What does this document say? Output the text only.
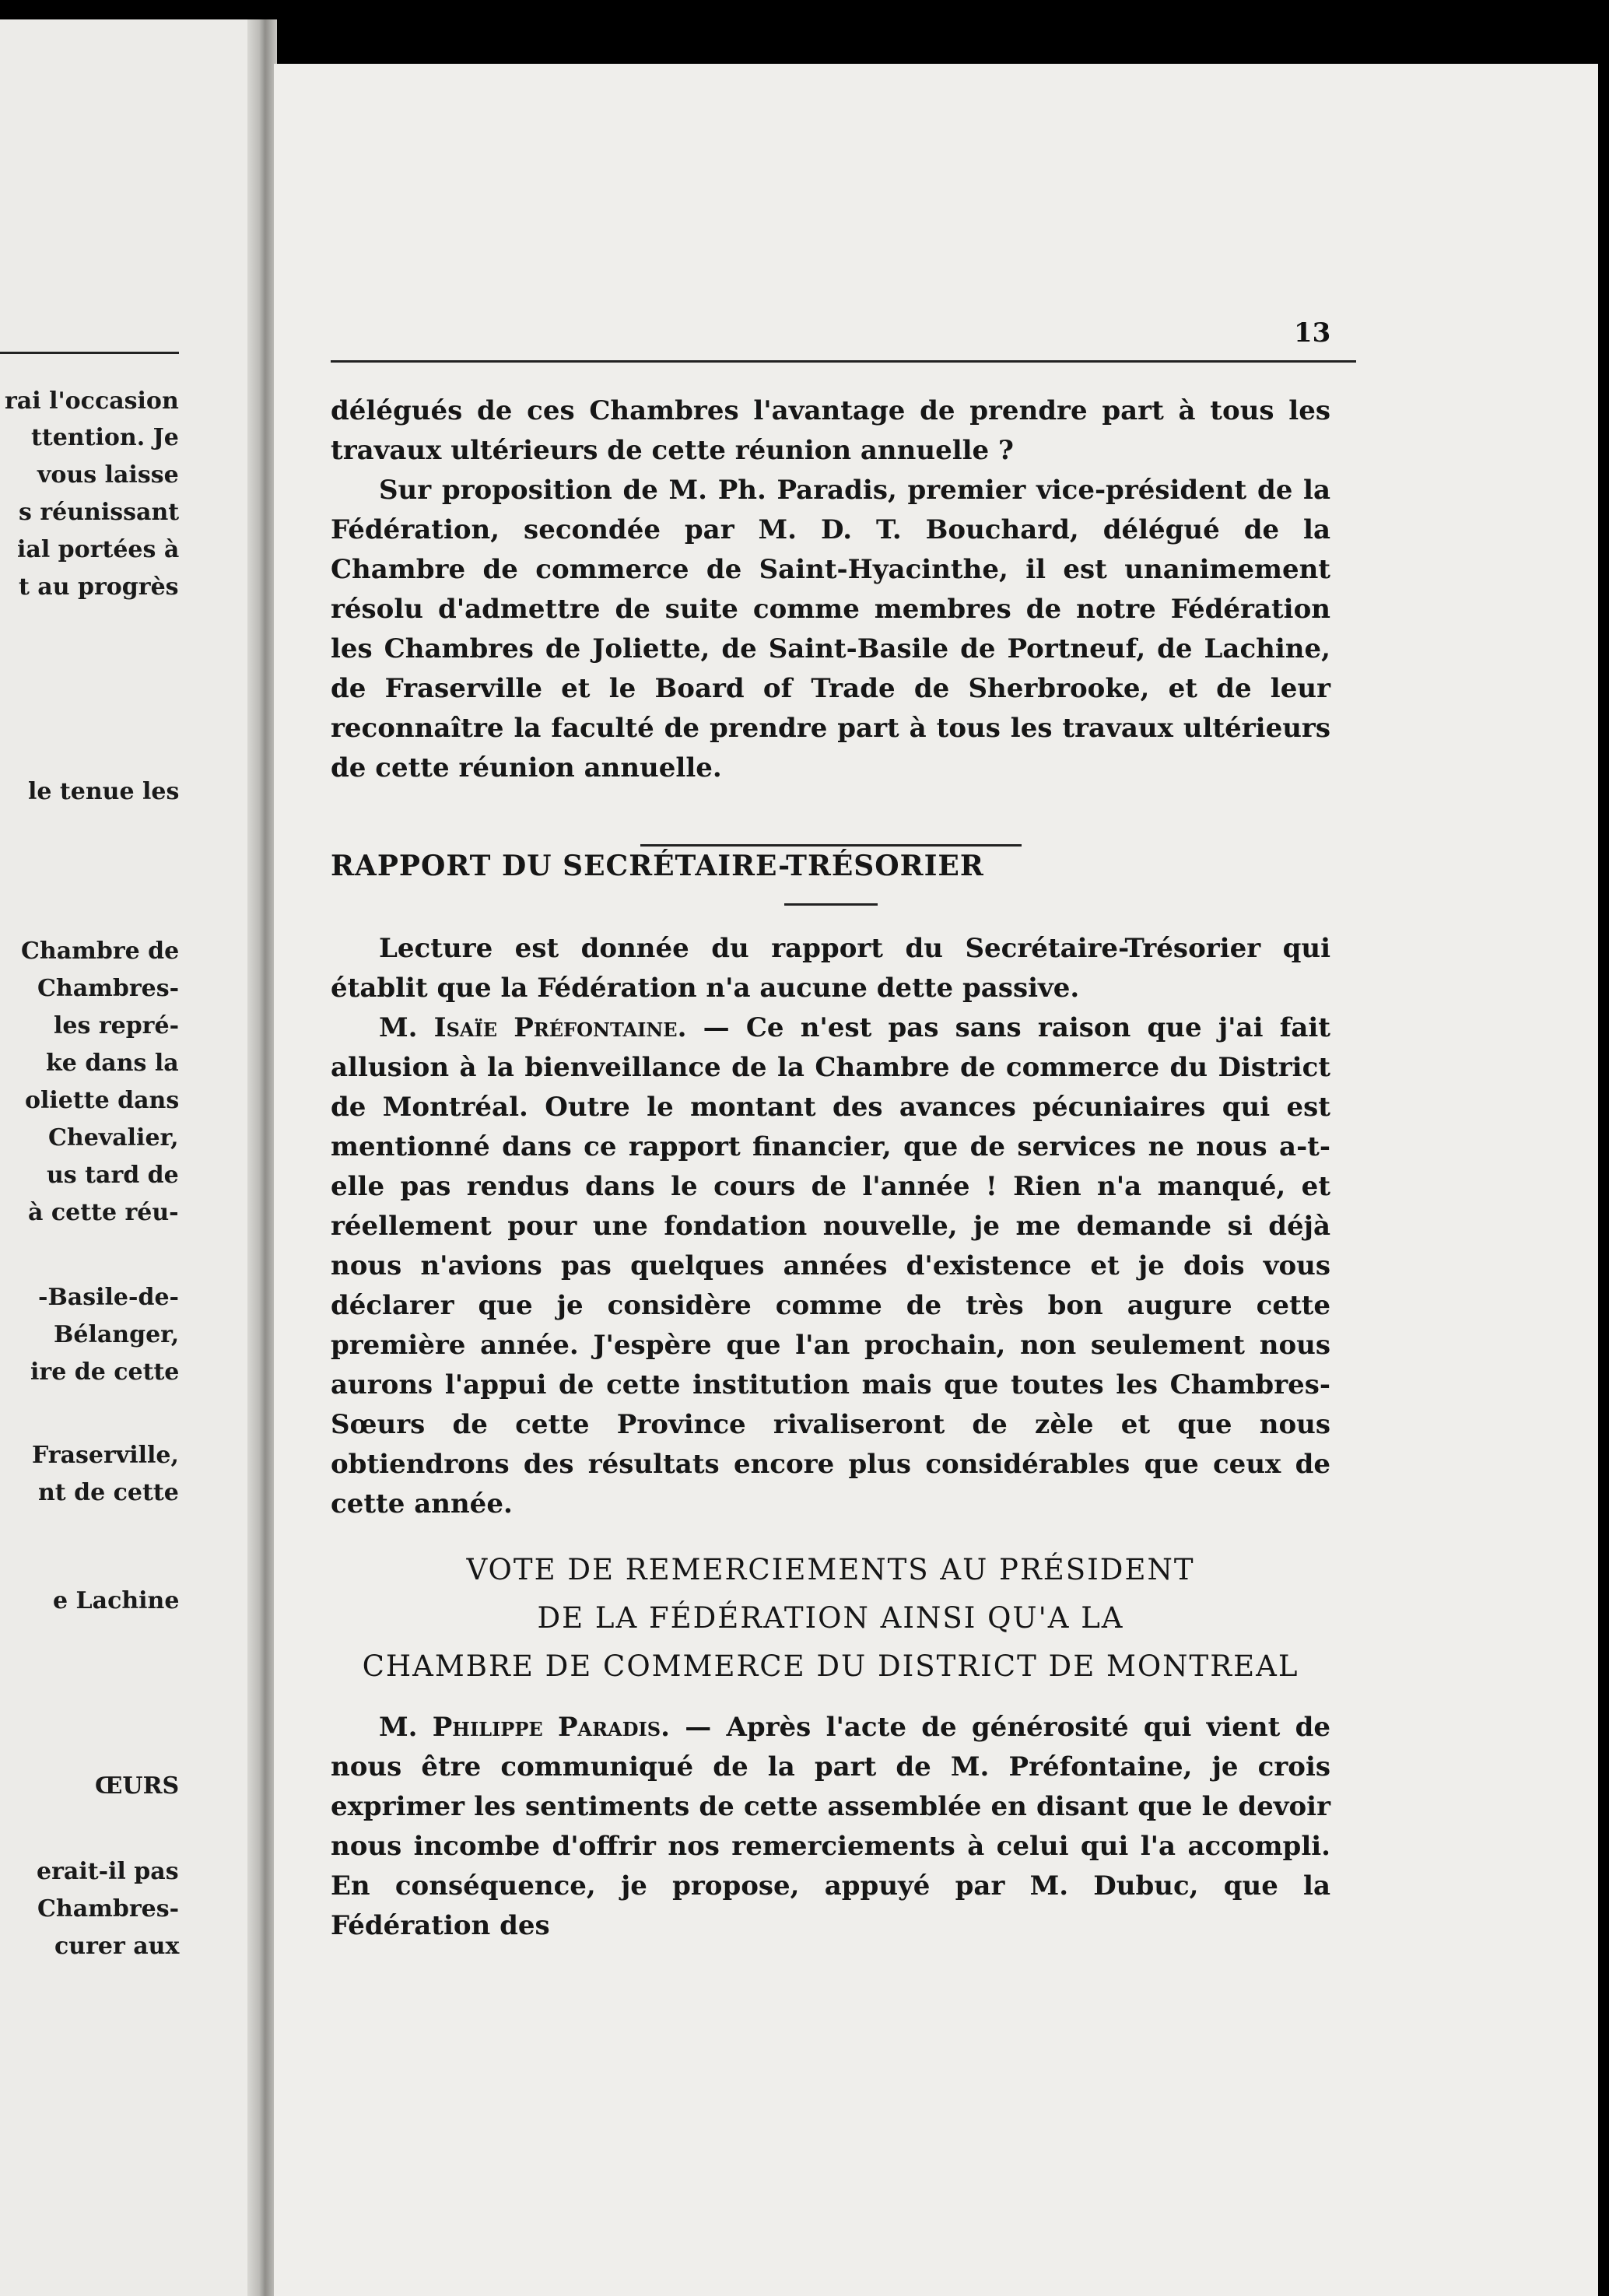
rai l'occasion
ttention. Je
vous laisse
s réunissant
ial portées à
t au progrès
le tenue les
Chambre de
Chambres-
les repré-
ke dans la
oliette dans
Chevalier,
us tard de
à cette réu-
-Basile-de-
Bélanger,
ire de cette
Fraserville,
nt de cette
e Lachine
ŒURS
erait-il pas
Chambres-
curer aux
13

délégués de ces Chambres l'avantage de prendre part à tous les travaux ultérieurs de cette réunion annuelle ?

Sur proposition de M. Ph. Paradis, premier vice-président de la Fédération, secondée par M. D. T. Bouchard, délégué de la Chambre de commerce de Saint-Hyacinthe, il est unanimement résolu d'admettre de suite comme membres de notre Fédération les Chambres de Joliette, de Saint-Basile de Portneuf, de Lachine, de Fraserville et le Board of Trade de Sherbrooke, et de leur reconnaître la faculté de prendre part à tous les travaux ultérieurs de cette réunion annuelle.

RAPPORT DU SECRÉTAIRE-TRÉSORIER

Lecture est donnée du rapport du Secrétaire-Trésorier qui établit que la Fédération n'a aucune dette passive.

M. Isaïe Préfontaine. — Ce n'est pas sans raison que j'ai fait allusion à la bienveillance de la Chambre de commerce du District de Montréal. Outre le montant des avances pécuniaires qui est mentionné dans ce rapport financier, que de services ne nous a-t-elle pas rendus dans le cours de l'année ! Rien n'a manqué, et réellement pour une fondation nouvelle, je me demande si déjà nous n'avions pas quelques années d'existence et je dois vous déclarer que je considère comme de très bon augure cette première année. J'espère que l'an prochain, non seulement nous aurons l'appui de cette institution mais que toutes les Chambres-Sœurs de cette Province rivaliseront de zèle et que nous obtiendrons des résultats encore plus considérables que ceux de cette année.

VOTE DE REMERCIEMENTS AU PRÉSIDENT

DE LA FÉDÉRATION AINSI QU'A LA

CHAMBRE DE COMMERCE DU DISTRICT DE MONTREAL

M. Philippe Paradis. — Après l'acte de générosité qui vient de nous être communiqué de la part de M. Préfontaine, je crois exprimer les sentiments de cette assemblée en disant que le devoir nous incombe d'offrir nos remerciements à celui qui l'a accompli. En conséquence, je propose, appuyé par M. Dubuc, que la Fédération des
